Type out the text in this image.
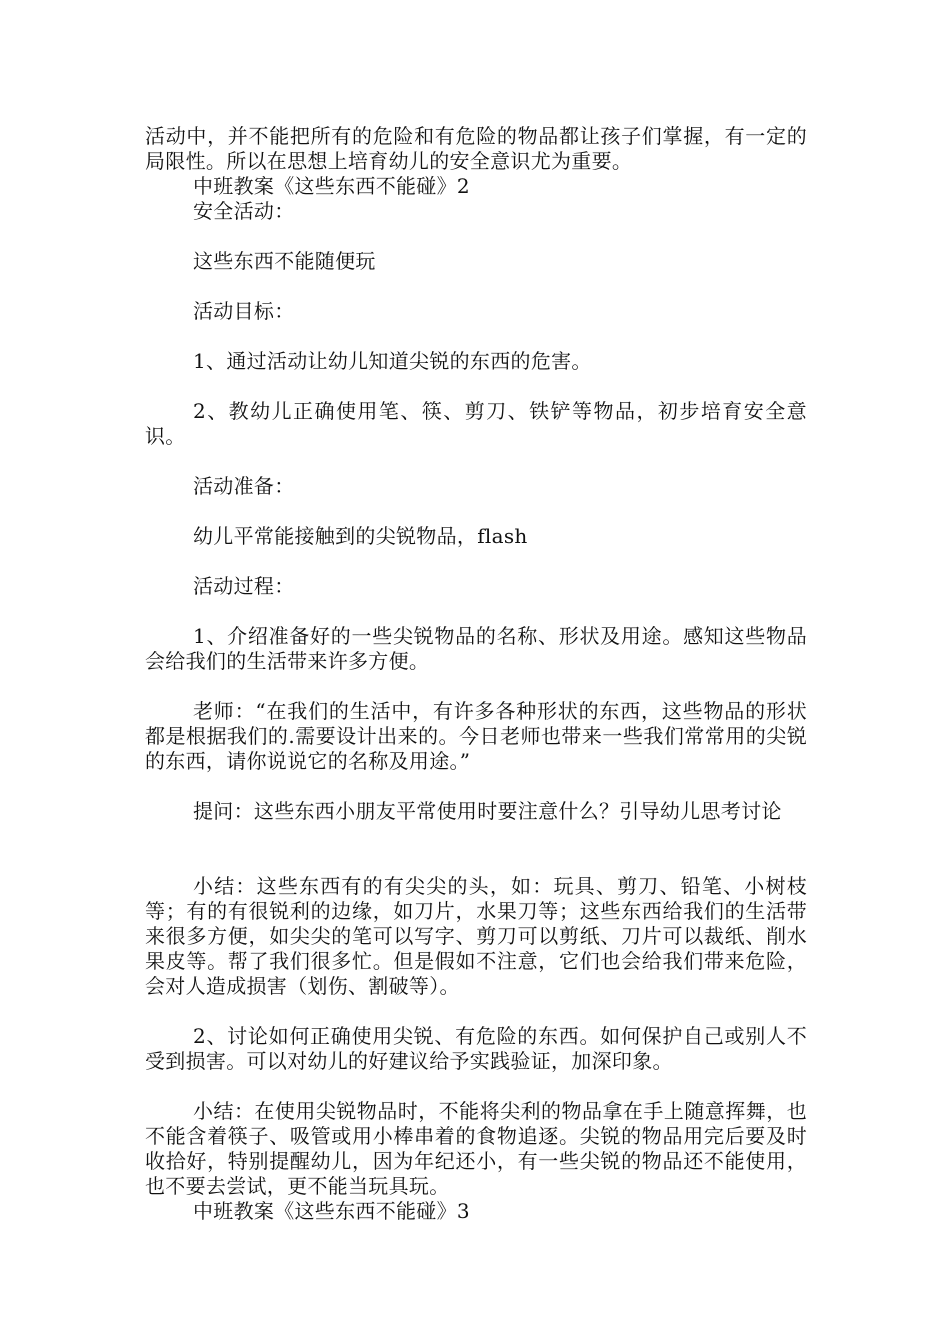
活动中，并不能把所有的危险和有危险的物品都让孩子们掌握，有一定的局限性。所以在思想上培育幼儿的安全意识尤为重要。
中班教案《这些东西不能碰》2
安全活动：
这些东西不能随便玩
活动目标：
1、通过活动让幼儿知道尖锐的东西的危害。
2、教幼儿正确使用笔、筷、剪刀、铁铲等物品，初步培育安全意识。
活动准备：
幼儿平常能接触到的尖锐物品，flash
活动过程：
1、介绍准备好的一些尖锐物品的名称、形状及用途。感知这些物品会给我们的生活带来许多方便。
老师：“在我们的生活中，有许多各种形状的东西，这些物品的形状都是根据我们的.需要设计出来的。今日老师也带来一些我们常常用的尖锐的东西，请你说说它的名称及用途。”
提问：这些东西小朋友平常使用时要注意什么？引导幼儿思考讨论
小结：这些东西有的有尖尖的头，如：玩具、剪刀、铅笔、小树枝等；有的有很锐利的边缘，如刀片，水果刀等；这些东西给我们的生活带来很多方便，如尖尖的笔可以写字、剪刀可以剪纸、刀片可以裁纸、削水果皮等。帮了我们很多忙。但是假如不注意，它们也会给我们带来危险，会对人造成损害（划伤、割破等）。
2、讨论如何正确使用尖锐、有危险的东西。如何保护自己或别人不受到损害。可以对幼儿的好建议给予实践验证，加深印象。
小结：在使用尖锐物品时，不能将尖利的物品拿在手上随意挥舞，也不能含着筷子、吸管或用小棒串着的食物追逐。尖锐的物品用完后要及时收拾好，特别提醒幼儿，因为年纪还小，有一些尖锐的物品还不能使用，也不要去尝试，更不能当玩具玩。
中班教案《这些东西不能碰》3
